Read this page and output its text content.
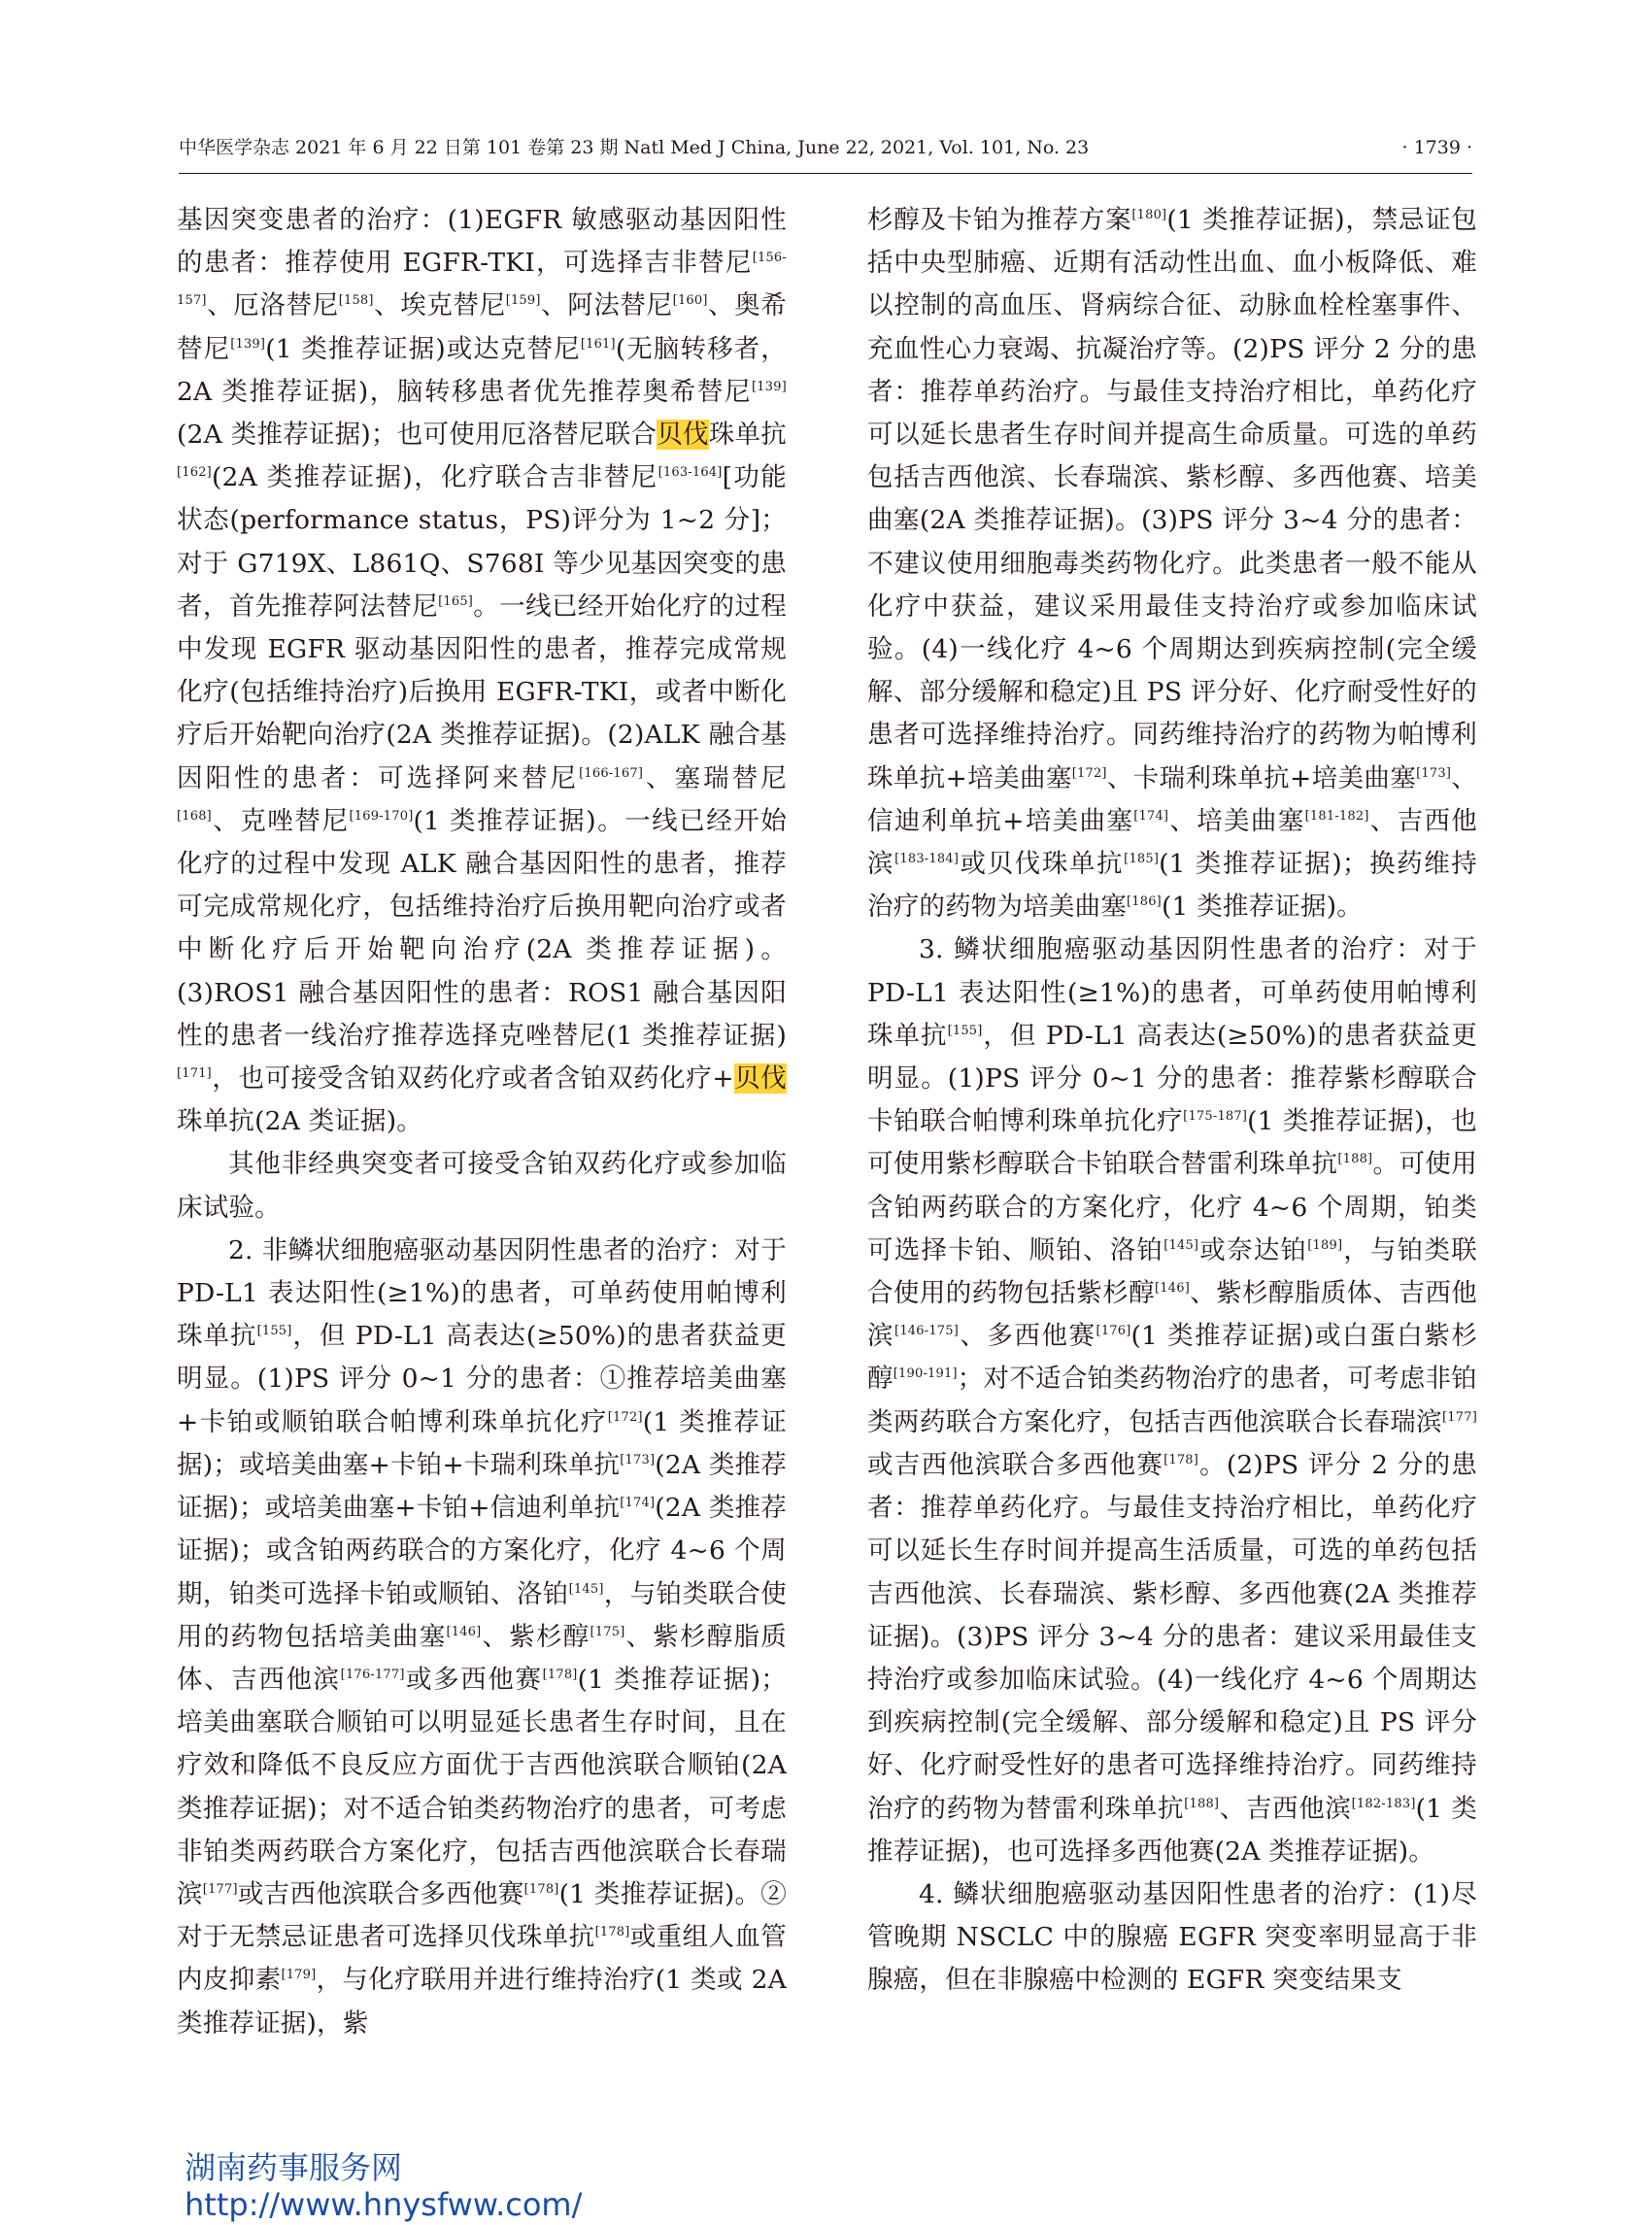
中华医学杂志 2021 年 6 月 22 日第 101 卷第 23 期 Natl Med J China, June 22, 2021, Vol. 101, No. 23	· 1739 ·

基因突变患者的治疗：(1)EGFR 敏感驱动基因阳性的患者：推荐使用 EGFR-TKI，可选择吉非替尼[156-157]、厄洛替尼[158]、埃克替尼[159]、阿法替尼[160]、奥希替尼[139](1 类推荐证据)或达克替尼[161](无脑转移者，2A 类推荐证据)，脑转移患者优先推荐奥希替尼[139](2A 类推荐证据)；也可使用厄洛替尼联合贝伐珠单抗[162](2A 类推荐证据)，化疗联合吉非替尼[163-164][功能状态(performance status，PS)评分为 1~2 分]；对于 G719X、L861Q、S768I 等少见基因突变的患者，首先推荐阿法替尼[165]。一线已经开始化疗的过程中发现 EGFR 驱动基因阳性的患者，推荐完成常规化疗(包括维持治疗)后换用 EGFR-TKI，或者中断化疗后开始靶向治疗(2A 类推荐证据)。(2)ALK 融合基因阳性的患者：可选择阿来替尼[166-167]、塞瑞替尼[168]、克唑替尼[169-170](1 类推荐证据)。一线已经开始化疗的过程中发现 ALK 融合基因阳性的患者，推荐可完成常规化疗，包括维持治疗后换用靶向治疗或者中断化疗后开始靶向治疗(2A 类推荐证据)。(3)ROS1 融合基因阳性的患者：ROS1 融合基因阳性的患者一线治疗推荐选择克唑替尼(1 类推荐证据)[171]，也可接受含铂双药化疗或者含铂双药化疗+贝伐珠单抗(2A 类证据)。

其他非经典突变者可接受含铂双药化疗或参加临床试验。

2. 非鳞状细胞癌驱动基因阴性患者的治疗：对于 PD-L1 表达阳性(≥1%)的患者，可单药使用帕博利珠单抗[155]，但 PD-L1 高表达(≥50%)的患者获益更明显。(1)PS 评分 0~1 分的患者：①推荐培美曲塞+卡铂或顺铂联合帕博利珠单抗化疗[172](1 类推荐证据)；或培美曲塞+卡铂+卡瑞利珠单抗[173](2A 类推荐证据)；或培美曲塞+卡铂+信迪利单抗[174](2A 类推荐证据)；或含铂两药联合的方案化疗，化疗 4~6 个周期，铂类可选择卡铂或顺铂、洛铂[145]，与铂类联合使用的药物包括培美曲塞[146]、紫杉醇[175]、紫杉醇脂质体、吉西他滨[176-177]或多西他赛[178](1 类推荐证据)；培美曲塞联合顺铂可以明显延长患者生存时间，且在疗效和降低不良反应方面优于吉西他滨联合顺铂(2A 类推荐证据)；对不适合铂类药物治疗的患者，可考虑非铂类两药联合方案化疗，包括吉西他滨联合长春瑞滨[177]或吉西他滨联合多西他赛[178](1 类推荐证据)。②对于无禁忌证患者可选择贝伐珠单抗[178]或重组人血管内皮抑素[179]，与化疗联用并进行维持治疗(1 类或 2A 类推荐证据)，紫

杉醇及卡铂为推荐方案[180](1 类推荐证据)，禁忌证包括中央型肺癌、近期有活动性出血、血小板降低、难以控制的高血压、肾病综合征、动脉血栓栓塞事件、充血性心力衰竭、抗凝治疗等。(2)PS 评分 2 分的患者：推荐单药治疗。与最佳支持治疗相比，单药化疗可以延长患者生存时间并提高生命质量。可选的单药包括吉西他滨、长春瑞滨、紫杉醇、多西他赛、培美曲塞(2A 类推荐证据)。(3)PS 评分 3~4 分的患者：不建议使用细胞毒类药物化疗。此类患者一般不能从化疗中获益，建议采用最佳支持治疗或参加临床试验。(4)一线化疗 4~6 个周期达到疾病控制(完全缓解、部分缓解和稳定)且 PS 评分好、化疗耐受性好的患者可选择维持治疗。同药维持治疗的药物为帕博利珠单抗+培美曲塞[172]、卡瑞利珠单抗+培美曲塞[173]、信迪利单抗+培美曲塞[174]、培美曲塞[181-182]、吉西他滨[183-184]或贝伐珠单抗[185](1 类推荐证据)；换药维持治疗的药物为培美曲塞[186](1 类推荐证据)。

3. 鳞状细胞癌驱动基因阴性患者的治疗：对于 PD-L1 表达阳性(≥1%)的患者，可单药使用帕博利珠单抗[155]，但 PD-L1 高表达(≥50%)的患者获益更明显。(1)PS 评分 0~1 分的患者：推荐紫杉醇联合卡铂联合帕博利珠单抗化疗[175-187](1 类推荐证据)，也可使用紫杉醇联合卡铂联合替雷利珠单抗[188]。可使用含铂两药联合的方案化疗，化疗 4~6 个周期，铂类可选择卡铂、顺铂、洛铂[145]或奈达铂[189]，与铂类联合使用的药物包括紫杉醇[146]、紫杉醇脂质体、吉西他滨[146-175]、多西他赛[176](1 类推荐证据)或白蛋白紫杉醇[190-191]；对不适合铂类药物治疗的患者，可考虑非铂类两药联合方案化疗，包括吉西他滨联合长春瑞滨[177]或吉西他滨联合多西他赛[178]。(2)PS 评分 2 分的患者：推荐单药化疗。与最佳支持治疗相比，单药化疗可以延长生存时间并提高生活质量，可选的单药包括吉西他滨、长春瑞滨、紫杉醇、多西他赛(2A 类推荐证据)。(3)PS 评分 3~4 分的患者：建议采用最佳支持治疗或参加临床试验。(4)一线化疗 4~6 个周期达到疾病控制(完全缓解、部分缓解和稳定)且 PS 评分好、化疗耐受性好的患者可选择维持治疗。同药维持治疗的药物为替雷利珠单抗[188]、吉西他滨[182-183](1 类推荐证据)，也可选择多西他赛(2A 类推荐证据)。

4. 鳞状细胞癌驱动基因阳性患者的治疗：(1)尽管晚期 NSCLC 中的腺癌 EGFR 突变率明显高于非腺癌，但在非腺癌中检测的 EGFR 突变结果支

湖南药事服务网
http://www.hnysfww.com/
